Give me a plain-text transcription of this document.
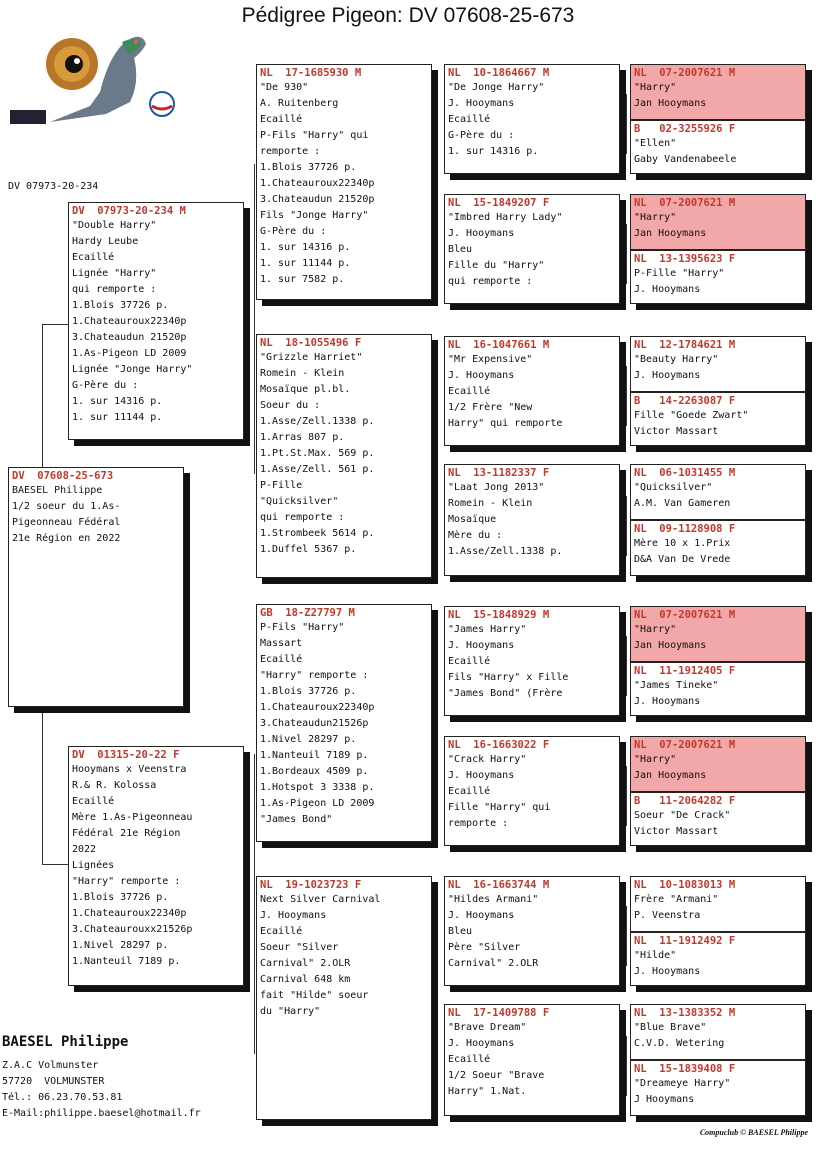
Pédigree Pigeon: DV 07608-25-673
DV 07973-20-234
DV  07608-25-673
BAESEL Philippe
1/2 soeur du 1.As-
Pigeonneau Fédéral
21e Région en 2022
DV  07973-20-234 M
"Double Harry"
Hardy Leube
Ecaillé
Lignée "Harry"
qui remporte :
1.Blois 37726 p.
1.Chateauroux22340p
3.Chateaudun 21520p
1.As-Pigeon LD 2009
Lignée "Jonge Harry"
G-Père du :
1. sur 14316 p.
1. sur 11144 p.
DV  01315-20-22 F
Hooymans x Veenstra
R.& R. Kolossa
Ecaillé
Mère 1.As-Pigeonneau
Fédéral 21e Région
2022
Lignées
"Harry" remporte :
1.Blois 37726 p.
1.Chateauroux22340p
3.Chateaurouxx21526p
1.Nivel 28297 p.
1.Nanteuil 7189 p.
NL  17-1685930 M
"De 930"
A. Ruitenberg
Ecaillé
P-Fils "Harry" qui
remporte :
1.Blois 37726 p.
1.Chateauroux22340p
3.Chateaudun 21520p
Fils "Jonge Harry"
G-Père du :
1. sur 14316 p.
1. sur 11144 p.
1. sur 7582 p.
NL  18-1055496 F
"Grizzle Harriet"
Romein - Klein
Mosaïque pl.bl.
Soeur du :
1.Asse/Zell.1338 p.
1.Arras 807 p.
1.Pt.St.Max. 569 p.
1.Asse/Zell. 561 p.
P-Fille
"Quicksilver"
qui remporte :
1.Strombeek 5614 p.
1.Duffel 5367 p.
GB  18-Z27797 M
P-Fils "Harry"
Massart
Ecaillé
"Harry" remporte :
1.Blois 37726 p.
1.Chateauroux22340p
3.Chateaudun21526p
1.Nivel 28297 p.
1.Nanteuil 7189 p.
1.Bordeaux 4509 p.
1.Hotspot 3 3338 p.
1.As-Pigeon LD 2009
"James Bond"
NL  19-1023723 F
Next Silver Carnival
J. Hooymans
Ecaillé
Soeur "Silver
Carnival" 2.OLR
Carnival 648 km
fait "Hilde" soeur
du "Harry"
NL  10-1864667 M
"De Jonge Harry"
J. Hooymans
Ecaillé
G-Père du :
1. sur 14316 p.
NL  15-1849207 F
"Imbred Harry Lady"
J. Hooymans
Bleu
Fille du "Harry"
qui remporte :
NL  16-1047661 M
"Mr Expensive"
J. Hooymans
Ecaillé
1/2 Frère "New
Harry" qui remporte
NL  13-1182337 F
"Laat Jong 2013"
Romein - Klein
Mosaïque
Mère du :
1.Asse/Zell.1338 p.
NL  15-1848929 M
"James Harry"
J. Hooymans
Ecaillé
Fils "Harry" x Fille
"James Bond" (Frère
NL  16-1663022 F
"Crack Harry"
J. Hooymans
Ecaillé
Fille "Harry" qui
remporte :
NL  16-1663744 M
"Hildes Armani"
J. Hooymans
Bleu
Père "Silver
Carnival" 2.OLR
NL  17-1409788 F
"Brave Dream"
J. Hooymans
Ecaillé
1/2 Soeur "Brave
Harry" 1.Nat.
NL  07-2007621 M
"Harry"
Jan Hooymans
B   02-3255926 F
"Ellen"
Gaby Vandenabeele
NL  07-2007621 M
"Harry"
Jan Hooymans
NL  13-1395623 F
P-Fille "Harry"
J. Hooymans
NL  12-1784621 M
"Beauty Harry"
J. Hooymans
B   14-2263087 F
Fille "Goede Zwart"
Victor Massart
NL  06-1031455 M
"Quicksilver"
A.M. Van Gameren
NL  09-1128908 F
Mère 10 x 1.Prix
D&A Van De Vrede
NL  07-2007621 M
"Harry"
Jan Hooymans
NL  11-1912405 F
"James Tineke"
J. Hooymans
NL  07-2007621 M
"Harry"
Jan Hooymans
B   11-2064282 F
Soeur "De Crack"
Victor Massart
NL  10-1083013 M
Frère "Armani"
P. Veenstra
NL  11-1912492 F
"Hilde"
J. Hooymans
NL  13-1383352 M
"Blue Brave"
C.V.D. Wetering
NL  15-1839408 F
"Dreameye Harry"
J Hooymans
BAESEL Philippe
Z.A.C Volmunster
57720  VOLMUNSTER
Tél.: 06.23.70.53.81
E-Mail:philippe.baesel@hotmail.fr
Compuclub © BAESEL Philippe
